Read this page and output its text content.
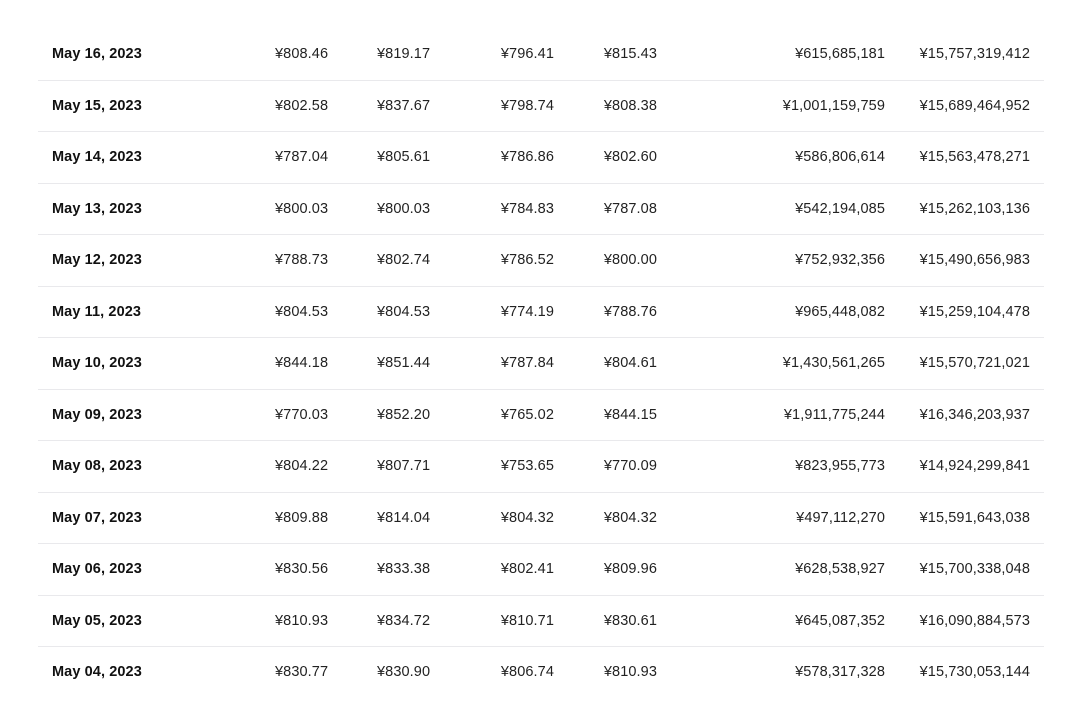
May 16, 2023	¥808.46	¥819.17	¥796.41	¥815.43	¥615,685,181 ¥15,757,319,412
May 15, 2023	¥802.58	¥837.67	¥798.74	¥808.38	¥1,001,159,759 ¥15,689,464,952
May 14, 2023	¥787.04	¥805.61	¥786.86	¥802.60	¥586,806,614 ¥15,563,478,271
May 13, 2023	¥800.03	¥800.03	¥784.83	¥787.08	¥542,194,085 ¥15,262,103,136
May 12, 2023	¥788.73	¥802.74	¥786.52	¥800.00	¥752,932,356 ¥15,490,656,983
May 11, 2023	¥804.53	¥804.53	¥774.19	¥788.76	¥965,448,082 ¥15,259,104,478
May 10, 2023	¥844.18	¥851.44	¥787.84	¥804.61	¥1,430,561,265 ¥15,570,721,021
May 09, 2023	¥770.03	¥852.20	¥765.02	¥844.15	¥1,911,775,244 ¥16,346,203,937
May 08, 2023	¥804.22	¥807.71	¥753.65	¥770.09	¥823,955,773 ¥14,924,299,841
May 07, 2023	¥809.88	¥814.04	¥804.32	¥804.32	¥497,112,270 ¥15,591,643,038
May 06, 2023	¥830.56	¥833.38	¥802.41	¥809.96	¥628,538,927 ¥15,700,338,048
May 05, 2023	¥810.93	¥834.72	¥810.71	¥830.61	¥645,087,352 ¥16,090,884,573
May 04, 2023	¥830.77	¥830.90	¥806.74	¥810.93	¥578,317,328 ¥15,730,053,144
